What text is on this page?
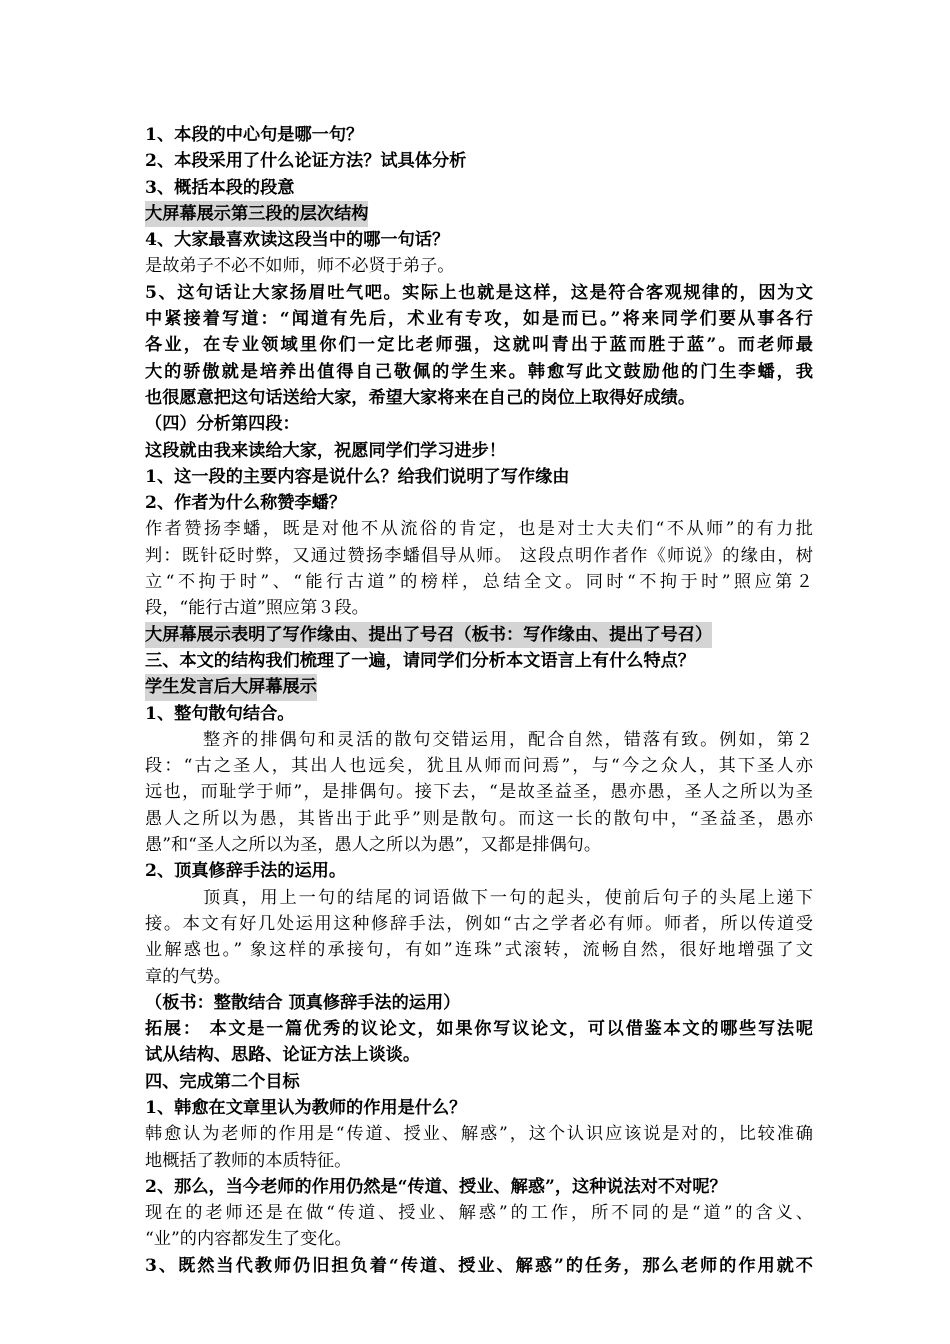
1、本段的中心句是哪一句？
2、本段采用了什么论证方法？试具体分析
3、概括本段的段意
大屏幕展示第三段的层次结构
4、大家最喜欢读这段当中的哪一句话？
是故弟子不必不如师，师不必贤于弟子。
5、这句话让大家扬眉吐气吧。实际上也就是这样，这是符合客观规律的，因为文
中紧接着写道：“闻道有先后，术业有专攻，如是而已。”将来同学们要从事各行
各业，在专业领域里你们一定比老师强，这就叫青出于蓝而胜于蓝”。而老师最
大的骄傲就是培养出值得自己敬佩的学生来。韩愈写此文鼓励他的门生李蟠，我
也很愿意把这句话送给大家，希望大家将来在自己的岗位上取得好成绩。
（四）分析第四段：
这段就由我来读给大家，祝愿同学们学习进步！
1、这一段的主要内容是说什么？给我们说明了写作缘由
2、作者为什么称赞李蟠？
作者赞扬李蟠，既是对他不从流俗的肯定，也是对士大夫们“不从师”的有力批
判：既针砭时弊，又通过赞扬李蟠倡导从师。 这段点明作者作《师说》的缘由，树
立“不拘于时”、“能行古道”的榜样，总结全文。同时“不拘于时”照应第２
段，“能行古道”照应第３段。
大屏幕展示表明了写作缘由、提出了号召（板书：写作缘由、提出了号召）
三、本文的结构我们梳理了一遍，请同学们分析本文语言上有什么特点？
学生发言后大屏幕展示
1、整句散句结合。
整齐的排偶句和灵活的散句交错运用，配合自然，错落有致。例如，第２
段：“古之圣人，其出人也远矣，犹且从师而问焉”，与“今之众人，其下圣人亦
远也，而耻学于师”，是排偶句。接下去，“是故圣益圣，愚亦愚，圣人之所以为圣
愚人之所以为愚，其皆出于此乎”则是散句。而这一长的散句中，“圣益圣，愚亦
愚”和“圣人之所以为圣，愚人之所以为愚”，又都是排偶句。
2、顶真修辞手法的运用。
顶真，用上一句的结尾的词语做下一句的起头，使前后句子的头尾上递下
接。本文有好几处运用这种修辞手法，例如“古之学者必有师。师者，所以传道受
业解惑也。” 象这样的承接句，有如”连珠”式滚转，流畅自然，很好地增强了文
章的气势。
（板书：整散结合 顶真修辞手法的运用）
拓展： 本文是一篇优秀的议论文，如果你写议论文，可以借鉴本文的哪些写法呢
试从结构、思路、论证方法上谈谈。
四、完成第二个目标
1、韩愈在文章里认为教师的作用是什么？
韩愈认为老师的作用是“传道、授业、解惑”，这个认识应该说是对的，比较准确
地概括了教师的本质特征。
2、那么，当今老师的作用仍然是“传道、授业、解惑”，这种说法对不对呢？
现在的老师还是在做“传道、授业、解惑”的工作，所不同的是“道”的含义、
“业”的内容都发生了变化。
3、既然当代教师仍旧担负着“传道、授业、解惑”的任务，那么老师的作用就不
